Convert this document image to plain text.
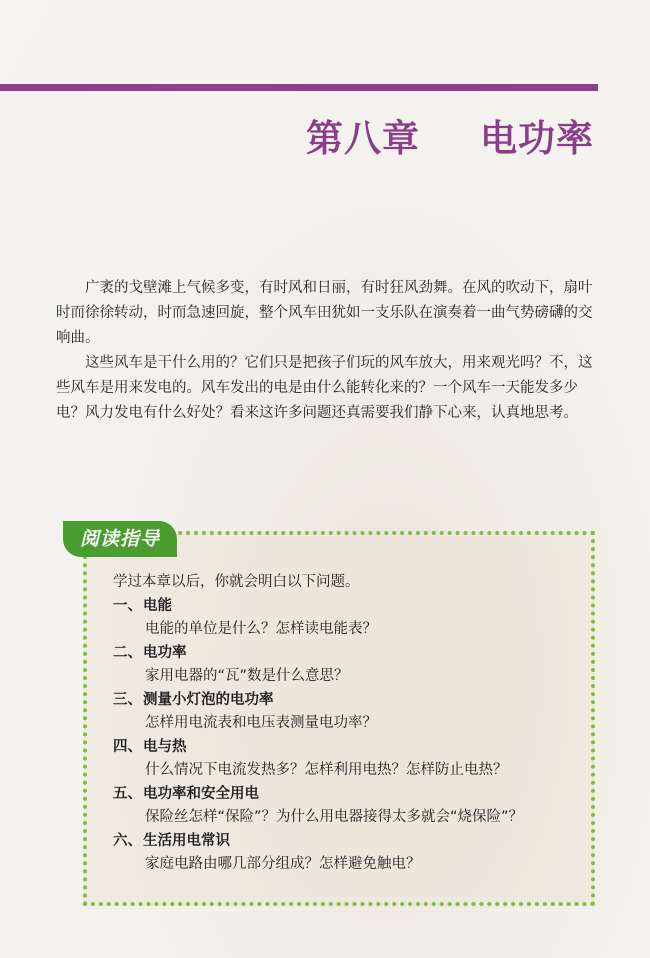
第八章 电功率

广袤的戈壁滩上气候多变，有时风和日丽，有时狂风劲舞。在风的吹动下，扇叶时而徐徐转动，时而急速回旋，整个风车田犹如一支乐队在演奏着一曲气势磅礴的交响曲。

这些风车是干什么用的？它们只是把孩子们玩的风车放大，用来观光吗？不，这些风车是用来发电的。风车发出的电是由什么能转化来的？一个风车一天能发多少电？风力发电有什么好处？看来这许多问题还真需要我们静下心来，认真地思考。

阅读指导

学过本章以后，你就会明白以下问题。

一、电能
电能的单位是什么？怎样读电能表？
二、电功率
家用电器的“瓦”数是什么意思？
三、测量小灯泡的电功率
怎样用电流表和电压表测量电功率？
四、电与热
什么情况下电流发热多？怎样利用电热？怎样防止电热？
五、电功率和安全用电
保险丝怎样“保险”？为什么用电器接得太多就会“烧保险”？
六、生活用电常识
家庭电路由哪几部分组成？怎样避免触电？
